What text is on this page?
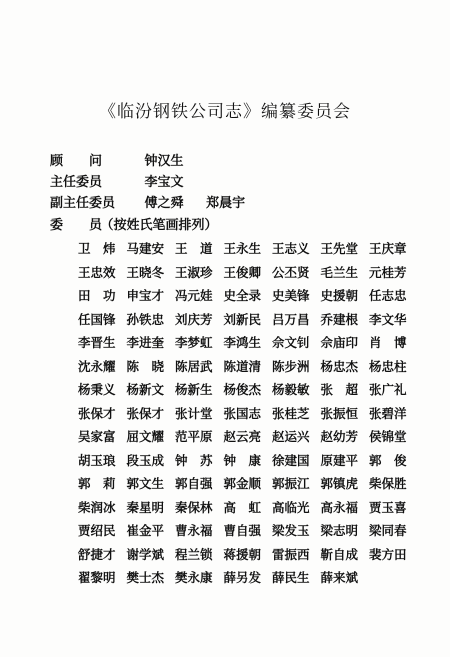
《临汾钢铁公司志》编纂委员会
顾　　问	钟汉生
主任委员	李宝文
副主任委员 傅之舜 郑晨宇
委　　员 （按姓氏笔画排列）
卫　炜 马建安 王　道 王永生 王志义 王先堂 王庆章
王忠效 王晓冬 王淑珍 王俊卿 公丕贤 毛兰生 元桂芳
田　功 申宝才 冯元娃 史全录 史美锋 史援朝 任志忠
任国锋 孙铁忠 刘庆芳 刘新民 吕万昌 乔建根 李文华
李晋生 李进奎 李梦虹 李鸿生 佘文钊 佘庙印 肖　博
沈永耀 陈　晓 陈居武 陈道清 陈步洲 杨忠杰 杨忠柱
杨秉义 杨新文 杨新生 杨俊杰 杨毅敏 张　超 张广礼
张保才 张保才 张计堂 张国志 张桂芝 张振恒 张碧洋
吴家富 屈文耀 范平原 赵云亮 赵运兴 赵幼芳 侯锦堂
胡玉琅 段玉成 钟　苏 钟　康 徐建国 原建平 郭　俊
郭　莉 郭文生 郭自强 郭金顺 郭振江 郭镇虎 柴保胜
柴润冰 秦星明 秦保林 高　虹 高临光 高永福 贾玉喜
贾绍民 崔金平 曹永福 曹自强 梁发玉 梁志明 梁同春
舒捷才 谢学斌 程兰锁 蒋援朝 雷振西 靳自成 裴方田
翟黎明 樊士杰 樊永康 薛另发 薛民生 薛来斌
